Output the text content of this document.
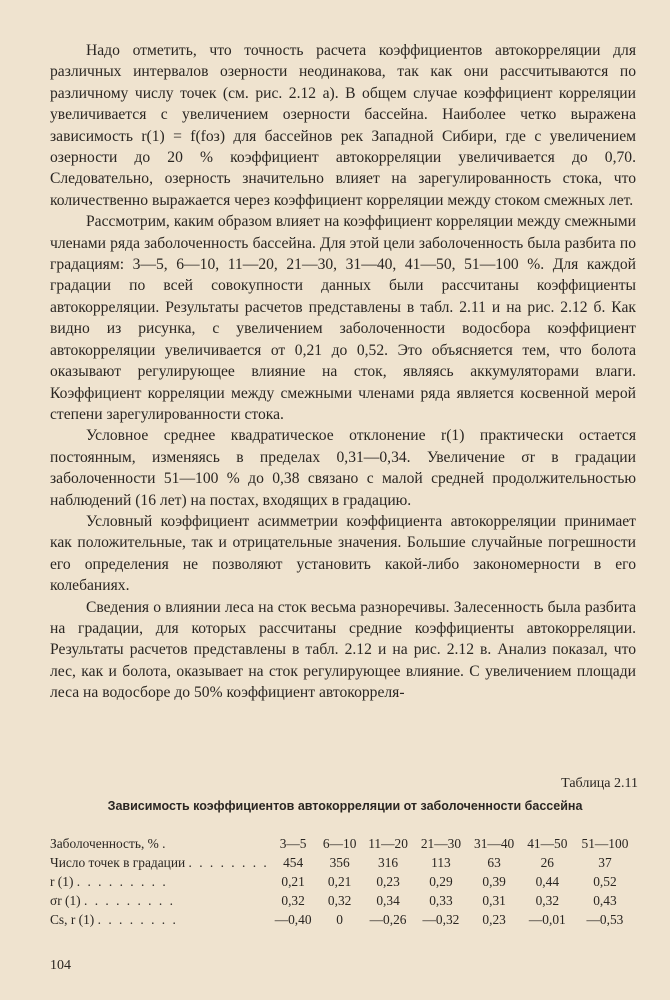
Надо отметить, что точность расчета коэффициентов автокорреляции для различных интервалов озерности неодинакова, так как они рассчитываются по различному числу точек (см. рис. 2.12 а). В общем случае коэффициент корреляции увеличивается с увеличением озерности бассейна. Наиболее четко выражена зависимость r(1) = f(fоз) для бассейнов рек Западной Сибири, где с увеличением озерности до 20 % коэффициент автокорреляции увеличивается до 0,70. Следовательно, озерность значительно влияет на зарегулированность стока, что количественно выражается через коэффициент корреляции между стоком смежных лет.

Рассмотрим, каким образом влияет на коэффициент корреляции между смежными членами ряда заболоченность бассейна. Для этой цели заболоченность была разбита по градациям: 3—5, 6—10, 11—20, 21—30, 31—40, 41—50, 51—100 %. Для каждой градации по всей совокупности данных были рассчитаны коэффициенты автокорреляции. Результаты расчетов представлены в табл. 2.11 и на рис. 2.12 б. Как видно из рисунка, с увеличением заболоченности водосбора коэффициент автокорреляции увеличивается от 0,21 до 0,52. Это объясняется тем, что болота оказывают регулирующее влияние на сток, являясь аккумуляторами влаги. Коэффициент корреляции между смежными членами ряда является косвенной мерой степени зарегулированности стока.

Условное среднее квадратическое отклонение r(1) практически остается постоянным, изменяясь в пределах 0,31—0,34. Увеличение σr в градации заболоченности 51—100 % до 0,38 связано с малой средней продолжительностью наблюдений (16 лет) на постах, входящих в градацию.

Условный коэффициент асимметрии коэффициента автокорреляции принимает как положительные, так и отрицательные значения. Большие случайные погрешности его определения не позволяют установить какой-либо закономерности в его колебаниях.

Сведения о влиянии леса на сток весьма разноречивы. Залесенность была разбита на градации, для которых рассчитаны средние коэффициенты автокорреляции. Результаты расчетов представлены в табл. 2.12 и на рис. 2.12 в. Анализ показал, что лес, как и болота, оказывает на сток регулирующее влияние. С увеличением площади леса на водосборе до 50% коэффициент автокорреля-

Таблица 2.11
Зависимость коэффициентов автокорреляции от заболоченности бассейна
Заболоченность, % .	3—5	6—10	11—20	21—30	31—40	41—50	51—100
Число точек в градации . . . . . . . .	454	356	316	113	63	26	37
r (1) . . . . . . . . .	0,21	0,21	0,23	0,29	0,39	0,44	0,52
σr (1) . . . . . . . . .	0,32	0,32	0,34	0,33	0,31	0,32	0,43
Cs, r (1) . . . . . . . .	—0,40	0	—0,26	—0,32	0,23	—0,01	—0,53
104
